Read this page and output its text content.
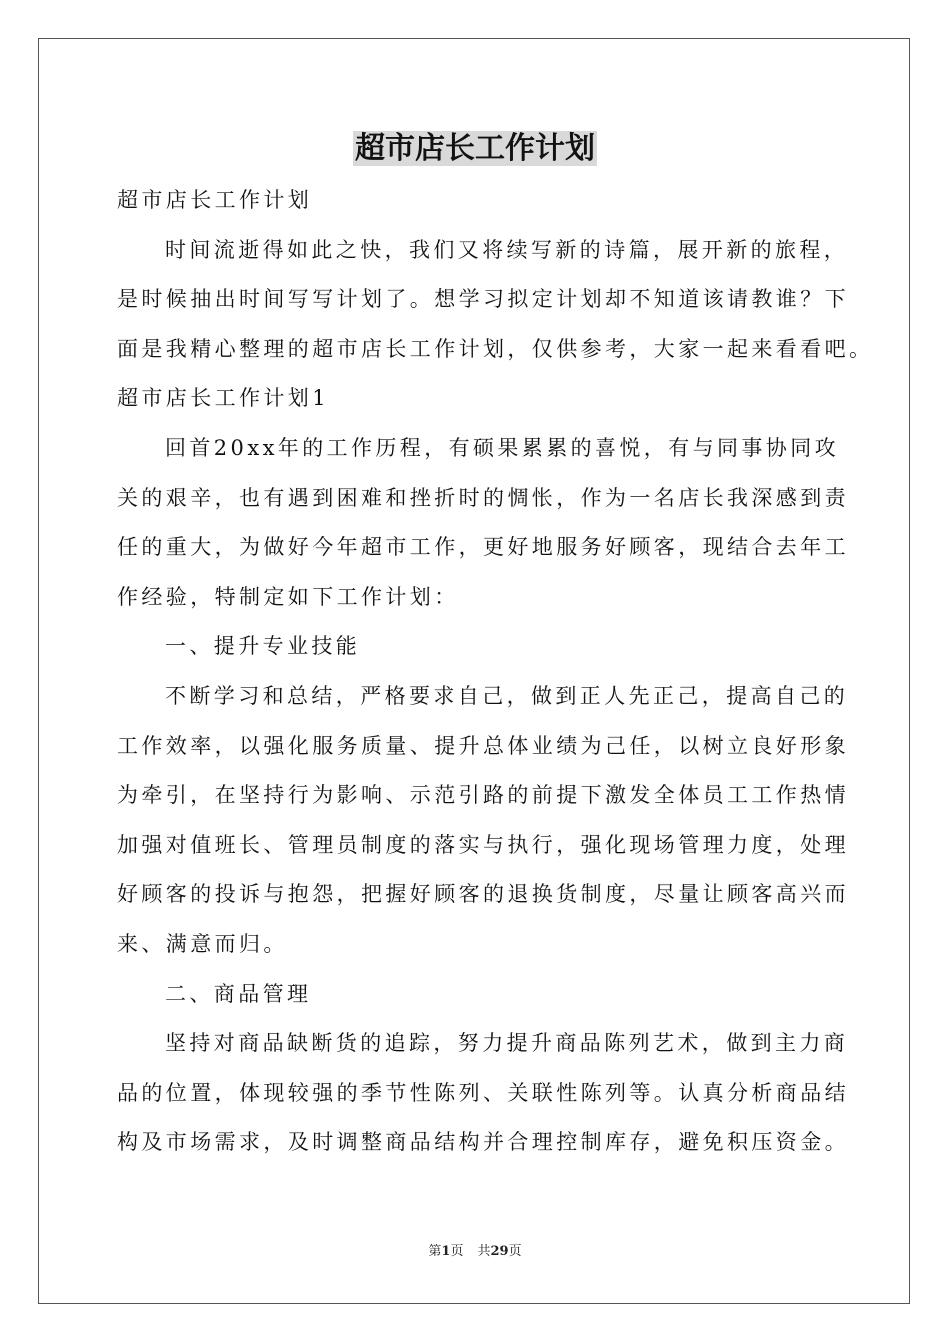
超市店长工作计划
超市店长工作计划
时间流逝得如此之快，我们又将续写新的诗篇，展开新的旅程，
是时候抽出时间写写计划了。想学习拟定计划却不知道该请教谁？下
面是我精心整理的超市店长工作计划，仅供参考，大家一起来看看吧。
超市店长工作计划1
回首20xx年的工作历程，有硕果累累的喜悦，有与同事协同攻
关的艰辛，也有遇到困难和挫折时的惆怅，作为一名店长我深感到责
任的重大，为做好今年超市工作，更好地服务好顾客，现结合去年工
作经验，特制定如下工作计划：
一、提升专业技能
不断学习和总结，严格要求自己，做到正人先正己，提高自己的
工作效率，以强化服务质量、提升总体业绩为己任，以树立良好形象
为牵引，在坚持行为影响、示范引路的前提下激发全体员工工作热情
加强对值班长、管理员制度的落实与执行，强化现场管理力度，处理
好顾客的投诉与抱怨，把握好顾客的退换货制度，尽量让顾客高兴而
来、满意而归。
二、商品管理
坚持对商品缺断货的追踪，努力提升商品陈列艺术，做到主力商
品的位置，体现较强的季节性陈列、关联性陈列等。认真分析商品结
构及市场需求，及时调整商品结构并合理控制库存，避免积压资金。
第1页 共29页
